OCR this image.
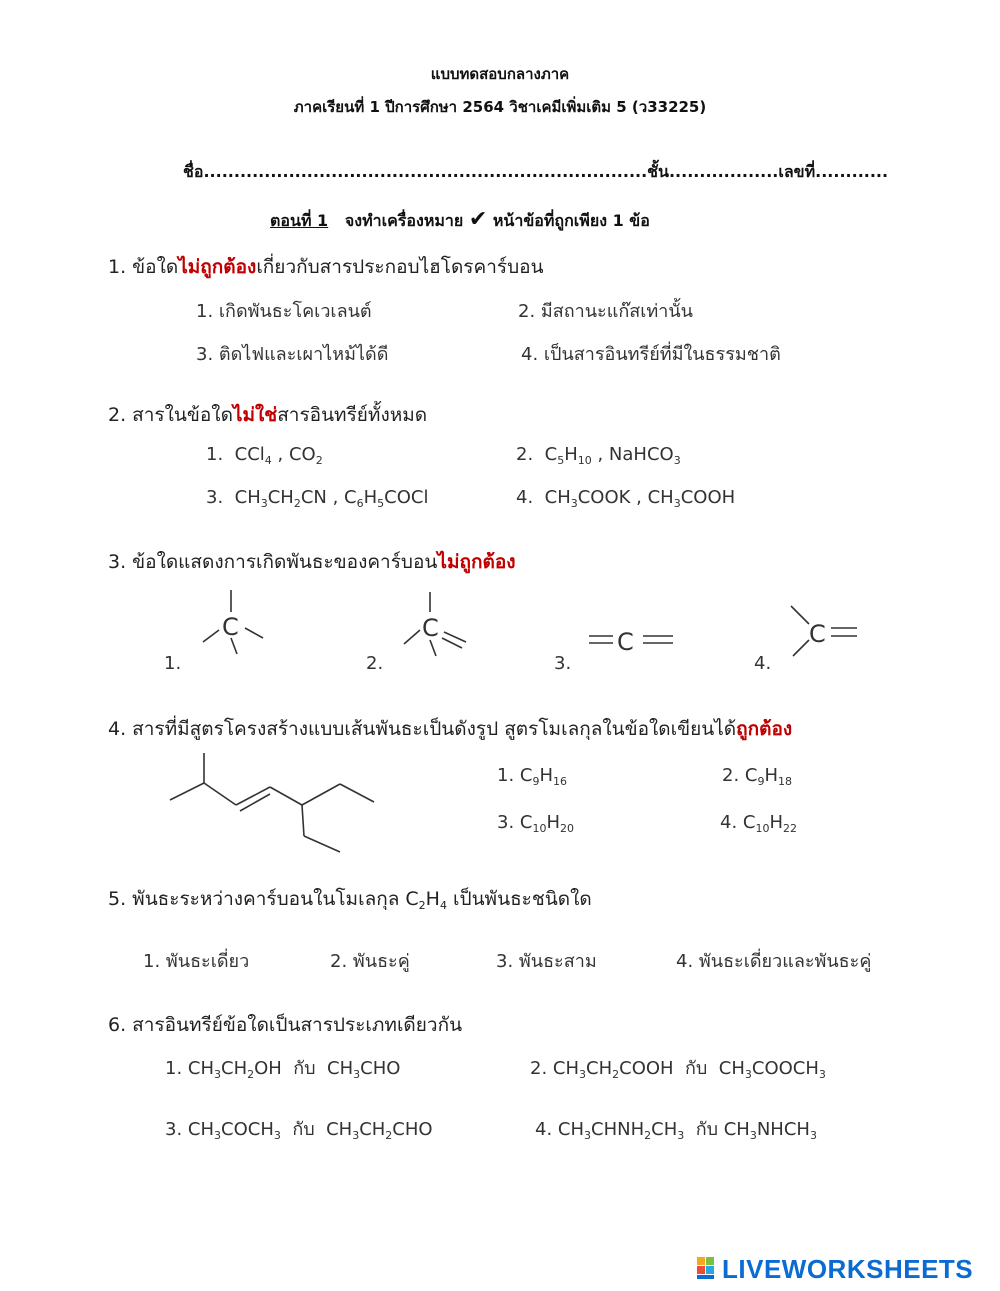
แบบทดสอบกลางภาค
ภาคเรียนที่ 1 ปีการศึกษา 2564 วิชาเคมีเพิ่มเติม 5 (ว33225)
ชื่อ.........................................................................ชั้น..................เลขที่............
ตอนที่ 1 จงทำเครื่องหมาย ✔ หน้าข้อที่ถูกเพียง 1 ข้อ
1. ข้อใดไม่ถูกต้องเกี่ยวกับสารประกอบไฮโดรคาร์บอน
1. เกิดพันธะโคเวเลนต์	2. มีสถานะแก๊สเท่านั้น
3. ติดไฟและเผาไหม้ได้ดี	4. เป็นสารอินทรีย์ที่มีในธรรมชาติ
2. สารในข้อใดไม่ใช่สารอินทรีย์ทั้งหมด
1.  CCl$_4$ , $CO_2$	2.  $C_5H_{10}$ , NaHCO$_3$
3.  $CH_3CH_2CN$ , $C_6H_5COCl$	4.  $CH_3COOK$ , $CH_3COOH$
3. ข้อใดแสดงการเกิดพันธะของคาร์บอนไม่ถูกต้อง
1.
C
2.
C
3.
C
4.
C
4. สารที่มีสูตรโครงสร้างแบบเส้นพันธะเป็นดังรูป สูตรโมเลกุลในข้อใดเขียนได้ถูกต้อง
1. $C_9H_{16}$	2. $C_9H_{18}$
3. $C_{10}H_{20}$	4. $C_{10}H_{22}$
5. พันธะระหว่างคาร์บอนในโมเลกุล $C_2H_4$ เป็นพันธะชนิดใด
1. พันธะเดี่ยว	2. พันธะคู่	3. พันธะสาม	4. พันธะเดี่ยวและพันธะคู่
6. สารอินทรีย์ข้อใดเป็นสารประเภทเดียวกัน
1. $CH_3CH_2OH$  กับ  $CH_3CHO$	2. $CH_3CH_2COOH$  กับ  $CH_3COOCH_3$
3. $CH_3COCH_3$ กับ  $CH_3CH_2CHO$	4. $CH_3CHNH_2CH_3$ กับ $CH_3NHCH_3$
LIVEWORKSHEETS
